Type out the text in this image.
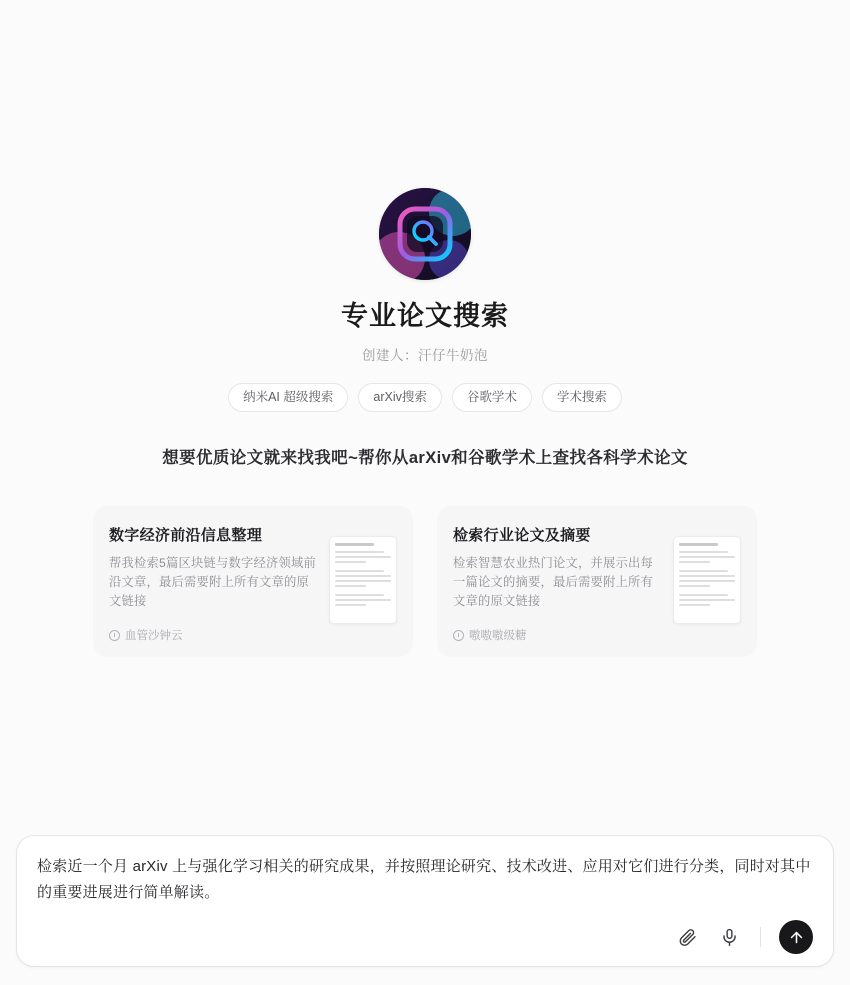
专业论文搜索
创建人：汗仔牛奶泡
纳米AI 超级搜索	arXiv搜索	谷歌学术	学术搜索
想要优质论文就来找我吧~帮你从arXiv和谷歌学术上查找各科学术论文
数字经济前沿信息整理
帮我检索5篇区块链与数字经济领域前沿文章，最后需要附上所有文章的原文链接
血管沙钟云
检索行业论文及摘要
检索智慧农业热门论文，并展示出每一篇论文的摘要，最后需要附上所有文章的原文链接
嗷嗷嗷级糖
检索近一个月 arXiv 上与强化学习相关的研究成果，并按照理论研究、技术改进、应用对它们进行分类，同时对其中的重要进展进行简单解读。
